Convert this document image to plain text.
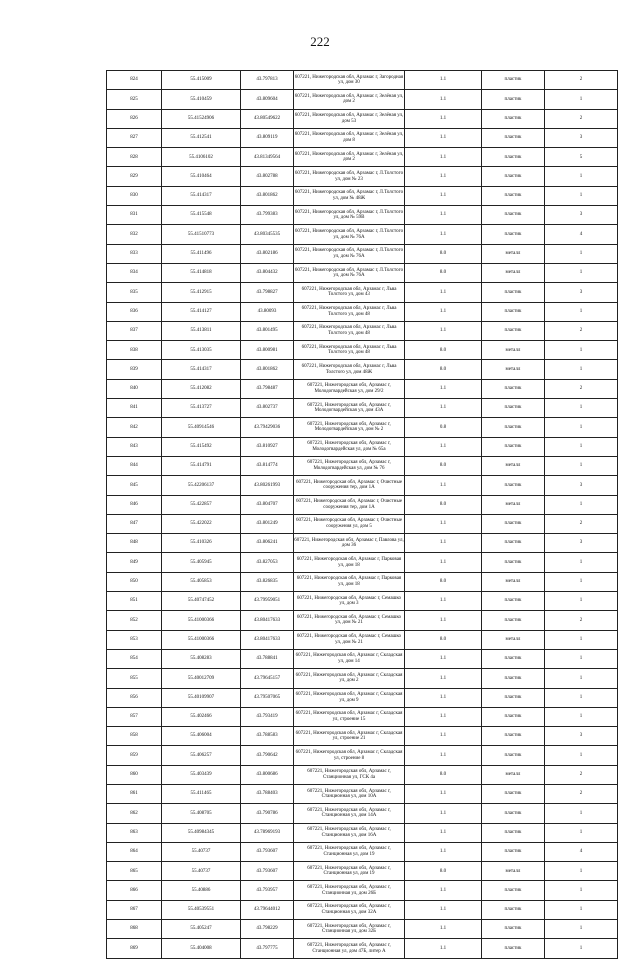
222
824	55.415009	43.797813	607221, Нижегородская обл, Арзамас г, Загородная ул, дом 30	1.1	пластик	2
825	55.410459	43.809604	607221, Нижегородская обл, Арзамас г, Зелёная ул, дом 2	1.1	пластик	1
826	55.41524906	43.80549622	607221, Нижегородская обл, Арзамас г, Зелёная ул, дом 53	1.1	пластик	2
827	55.412541	43.809119	607221, Нижегородская обл, Арзамас г, Зелёная ул, дом 8	1.1	пластик	3
828	55.4106102	43.81349564	607221, Нижегородская обл, Арзамас г, Зелёная ул, дом 2	1.1	пластик	5
829	55.410464	43.802788	607221, Нижегородская обл, Арзамас г, Л.Толстого ул, дом № 23	1.1	пластик	1
830	55.414317	43.801862	607221, Нижегородская обл, Арзамас г, Л.Толстого ул, дом № 48Ж	1.1	пластик	1
831	55.415548	43.799383	607221, Нижегородская обл, Арзамас г, Л.Толстого ул, дом № 59В	1.1	пластик	3
832	55.41510773	43.80345535	607221, Нижегородская обл, Арзамас г, Л.Толстого ул, дом № 76А	1.1	пластик	4
833	55.411496	43.802186	607221, Нижегородская обл, Арзамас г, Л.Толстого ул, дом № 76А	8.0	металл	1
834	55.414818	43.804432	607221, Нижегородская обл, Арзамас г, Л.Толстого ул, дом № 76А	8.0	металл	1
835	55.412915	43.798827	607221, Нижегородская обл, Арзамас г, Льва Толстого ул, дом 43	1.1	пластик	3
836	55.414127	43.80093	607221, Нижегородская обл, Арзамас г, Льва Толстого ул, дом 48	1.1	пластик	1
837	55.413811	43.801495	607221, Нижегородская обл, Арзамас г, Льва Толстого ул, дом 48	1.1	пластик	2
838	55.413035	43.800981	607221, Нижегородская обл, Арзамас г, Льва Толстого ул, дом 48	8.0	металл	1
839	55.414317	43.801862	607221, Нижегородская обл, Арзамас г, Льва Толстого ул, дом 48Ж	8.0	металл	1
840	55.412082	43.798487	607221, Нижегородская обл, Арзамас г, Молодогвардейская ул, дом 29/2	1.1	пластик	2
841	55.413727	43.802737	607221, Нижегородская обл, Арзамас г, Молодогвардейская ул, дом 43А	1.1	пластик	1
842	55.40914546	43.79429036	607221, Нижегородская обл, Арзамас г, Молодогвардейская ул, дом № 2	0.8	пластик	1
843	55.415492	43.810927	607221, Нижегородская обл, Арзамас г, Молодогвардейская ул, дом № 65а	1.1	пластик	1
844	55.414791	43.814774	607221, Нижегородская обл, Арзамас г, Молодогвардейская ул, дом № 76	8.0	металл	1
845	55.42206137	43.80261993	607221, Нижегородская обл, Арзамас г, Очистные сооружения тер, дом 1А	1.1	пластик	3
846	55.422857	43.804707	607221, Нижегородская обл, Арзамас г, Очистные сооружения тер, дом 1А	8.0	металл	1
847	55.422022	43.801249	607221, Нижегородская обл, Арзамас г, Очистные сооружения ул, дом 5	1.1	пластик	2
848	55.410326	43.806241	607221, Нижегородская обл, Арзамас г, Павлова ул, дом 36	1.1	пластик	3
849	55.405945	43.827053	607221, Нижегородская обл, Арзамас г, Парковая ул, дом 18	1.1	пластик	1
850	55.405853	43.826835	607221, Нижегородская обл, Арзамас г, Парковая ул, дом 18	8.0	металл	1
851	55.40747452	43.79959051	607221, Нижегородская обл, Арзамас г, Семашко ул, дом 3	1.1	пластик	1
852	55.41000366	43.80417633	607221, Нижегородская обл, Арзамас г, Семашко ул, дом № 21	1.1	пластик	2
853	55.41000366	43.80417633	607221, Нижегородская обл, Арзамас г, Семашко ул, дом № 21	8.0	металл	1
854	55.408283	43.788841	607221, Нижегородская обл, Арзамас г, Складская ул, дом 14	1.1	пластик	1
855	55.40012709	43.79645157	607221, Нижегородская обл, Арзамас г, Складская ул, дом 2	1.1	пластик	1
856	55.40109907	43.79507065	607221, Нижегородская обл, Арзамас г, Складская ул, дом 9	1.1	пластик	1
857	55.402466	43.793419	607221, Нижегородская обл, Арзамас г, Складская ул, строение 15	1.1	пластик	1
858	55.406004	43.788583	607221, Нижегородская обл, Арзамас г, Складская ул, строение 21	1.1	пластик	3
859	55.406257	43.790642	607221, Нижегородская обл, Арзамас г, Складская ул, строение 8	1.1	пластик	1
860	55.403439	43.800686	607221, Нижегородская обл, Арзамас г, Станционная ул, ГСК 4а	8.0	металл	2
861	55.411465	43.788403	607221, Нижегородская обл, Арзамас г, Станционная ул, дом 10А	1.1	пластик	2
862	55.408705	43.790786	607221, Нижегородская обл, Арзамас г, Станционная ул, дом 14А	1.1	пластик	1
863	55.40984345	43.78969193	607221, Нижегородская обл, Арзамас г, Станционная ул, дом 16А	1.1	пластик	1
864	55.40737	43.793607	607221, Нижегородская обл, Арзамас г, Станционная ул, дом 19	1.1	пластик	4
865	55.40737	43.793607	607221, Нижегородская обл, Арзамас г, Станционная ул, дом 19	8.0	металл	1
866	55.40886	43.793957	607221, Нижегородская обл, Арзамас г, Станционная ул, дом 26Б	1.1	пластик	1
867	55.40539551	43.79644012	607221, Нижегородская обл, Арзамас г, Станционная ул, дом 32А	1.1	пластик	1
868	55.405247	43.798229	607221, Нижегородская обл, Арзамас г, Станционная ул, дом 32Б	1.1	пластик	1
869	55.404008	43.797775	607221, Нижегородская обл, Арзамас г, Станционная ул, дом 47Б, литер А	1.1	пластик	1
